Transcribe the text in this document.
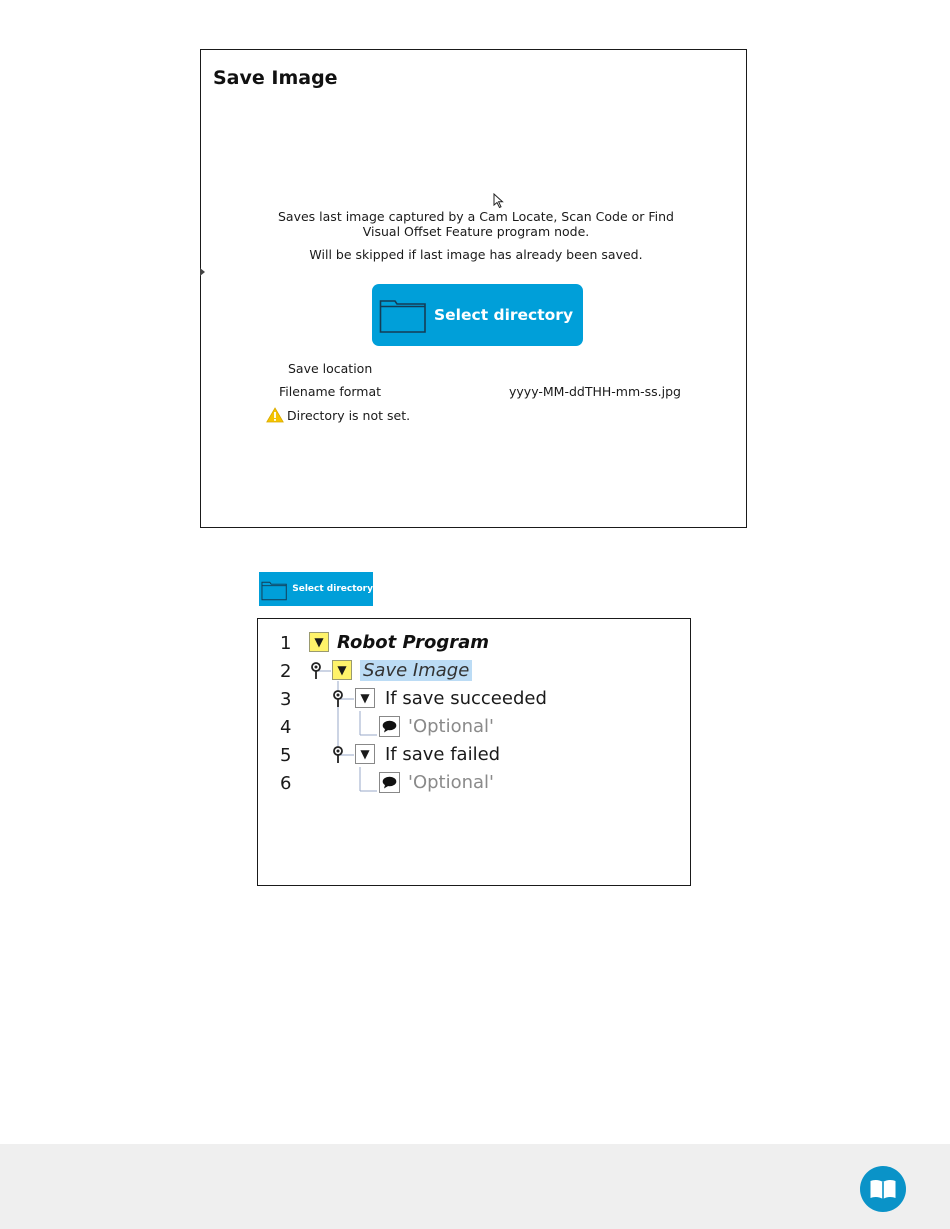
Save Image
Saves last image captured by a Cam Locate, Scan Code or Find
Visual Offset Feature program node.
Will be skipped if last image has already been saved.
Select directory
Save location
Filename format	yyyy-MM-ddTHH-mm-ss.jpg
Directory is not set.
Select directory
1	▼ Robot Program
2	▼ Save Image
3	▼ If save succeeded
4	'Optional'
5	▼ If save failed
6	'Optional'
